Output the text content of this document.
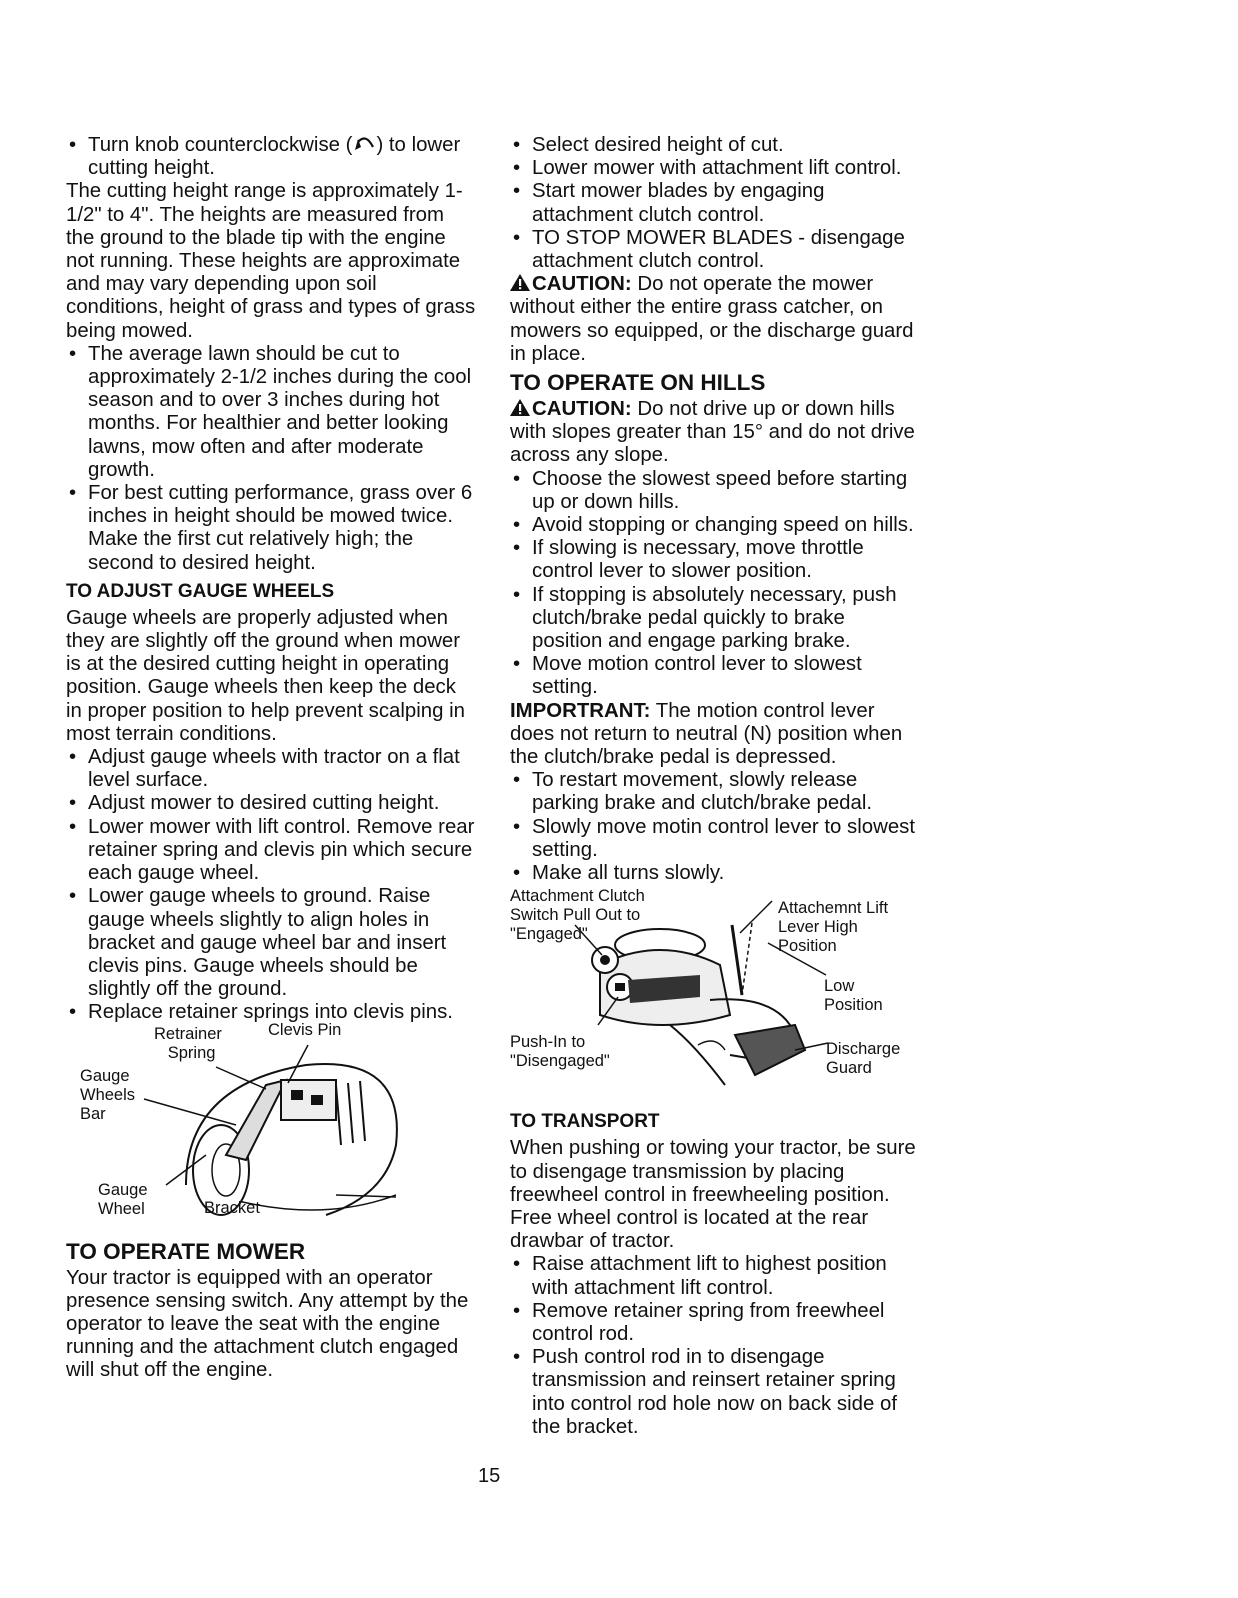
• Turn knob counterclockwise ( ) to lower cutting height.

The cutting height range is approximately 1-1/2" to 4". The heights are measured from the ground to the blade tip with the engine not running. These heights are approximate and may vary depending upon soil conditions, height of grass and types of grass being mowed.

• The average lawn should be cut to approximately 2-1/2 inches during the cool season and to over 3 inches during hot months. For healthier and better looking lawns, mow often and after moderate growth.
• For best cutting performance, grass over 6 inches in height should be mowed twice. Make the first cut relatively high; the second to desired height.
TO ADJUST GAUGE WHEELS

Gauge wheels are properly adjusted when they are slightly off the ground when mower is at the desired cutting height in operating position. Gauge wheels then keep the deck in proper position to help prevent scalping in most terrain conditions.

• Adjust gauge wheels with tractor on a flat level surface.
• Adjust mower to desired cutting height.
• Lower mower with lift control. Remove rear retainer spring and clevis pin which secure each gauge wheel.
• Lower gauge wheels to ground. Raise gauge wheels slightly to align holes in bracket and gauge wheel bar and insert clevis pins. Gauge wheels should be slightly off the ground.
• Replace retainer springs into clevis pins.
Retrainer
Spring
Clevis Pin
Gauge
Wheels
Bar
Gauge
Wheel	Bracket
TO OPERATE MOWER

Your tractor is equipped with an operator presence sensing switch. Any attempt by the operator to leave the seat with the engine running and the attachment clutch engaged will shut off the engine.

• Select desired height of cut.
• Lower mower with attachment lift control.
• Start mower blades by engaging attachment clutch control.
• TO STOP MOWER BLADES - disengage attachment clutch control.

CAUTION: Do not operate the mower without either the entire grass catcher, on mowers so equipped, or the discharge guard in place.

TO OPERATE ON HILLS

CAUTION: Do not drive up or down hills with slopes greater than 15° and do not drive across any slope.

• Choose the slowest speed before starting up or down hills.
• Avoid stopping or changing speed on hills.
• If slowing is necessary, move throttle control lever to slower position.
• If stopping is absolutely necessary, push clutch/brake pedal quickly to brake position and engage parking brake.
• Move motion control lever to slowest setting.

IMPORTRANT: The motion control lever does not return to neutral (N) position when the clutch/brake pedal is depressed.

• To restart movement, slowly release parking brake and clutch/brake pedal.
• Slowly move motin control lever to slowest setting.
• Make all turns slowly.
Attachment Clutch
Switch Pull Out to
"Engaged"
Attachemnt Lift
Lever High
Position
Low
Position
Push-In to
"Disengaged"
Discharge
Guard
TO TRANSPORT

When pushing or towing your tractor, be sure to disengage transmission by placing freewheel control in freewheeling position. Free wheel control is located at the rear drawbar of tractor.

• Raise attachment lift to highest position with attachment lift control.
• Remove retainer spring from freewheel control rod.
• Push control rod in to disengage transmission and reinsert retainer spring into control rod hole now on back side of the bracket.
15
